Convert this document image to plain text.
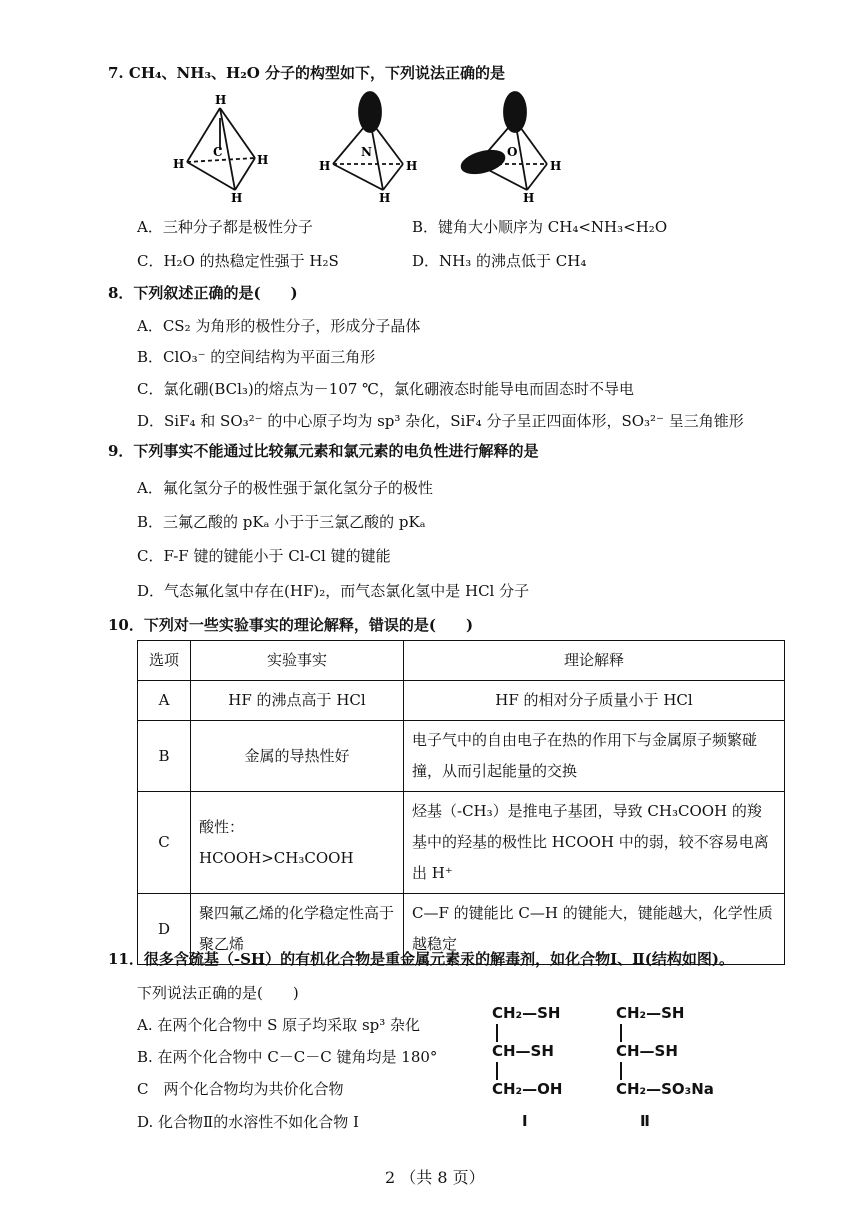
7. CH₄、NH₃、H₂O 分子的构型如下，下列说法正确的是
H
C
H	H
H
N
H	H
H
O
H
H
A．三种分子都是极性分子	B．键角大小顺序为 CH₄<NH₃<H₂O
C．H₂O 的热稳定性强于 H₂S	D．NH₃ 的沸点低于 CH₄
8．下列叙述正确的是(　　)
A．CS₂ 为角形的极性分子，形成分子晶体
B．ClO₃⁻ 的空间结构为平面三角形
C．氯化硼(BCl₃)的熔点为－107 ℃，氯化硼液态时能导电而固态时不导电
D．SiF₄ 和 SO₃²⁻ 的中心原子均为 sp³ 杂化，SiF₄ 分子呈正四面体形，SO₃²⁻ 呈三角锥形
9．下列事实不能通过比较氟元素和氯元素的电负性进行解释的是
A．氟化氢分子的极性强于氯化氢分子的极性
B．三氟乙酸的 pKₐ 小于于三氯乙酸的 pKₐ
C．F-F 键的键能小于 Cl-Cl 键的键能
D．气态氟化氢中存在(HF)₂，而气态氯化氢中是 HCl 分子
10．下列对一些实验事实的理论解释，错误的是(　　)
选项	实验事实	理论解释
A	HF 的沸点高于 HCl	HF 的相对分子质量小于 HCl
B	金属的导热性好	电子气中的自由电子在热的作用下与金属原子频繁碰撞，从而引起能量的交换
C	酸性：HCOOH>CH₃COOH	烃基（-CH₃）是推电子基团，导致 CH₃COOH 的羧基中的羟基的极性比 HCOOH 中的弱，较不容易电离出 H⁺
D	聚四氟乙烯的化学稳定性高于聚乙烯	C—F 的键能比 C—H 的键能大，键能越大，化学性质越稳定
11．很多含巯基（-SH）的有机化合物是重金属元素汞的解毒剂，如化合物Ⅰ、Ⅱ(结构如图)。
下列说法正确的是(　　)
A. 在两个化合物中 S 原子均采取 sp³ 杂化
B. 在两个化合物中 C－C－C 键角均是 180°
C　两个化合物均为共价化合物
D. 化合物Ⅱ的水溶性不如化合物 Ⅰ
CH₂—SH
CH—SH
CH₂—OH
Ⅰ
CH₂—SH
CH—SH
CH₂—SO₃Na
Ⅱ
2 （共 8 页）
